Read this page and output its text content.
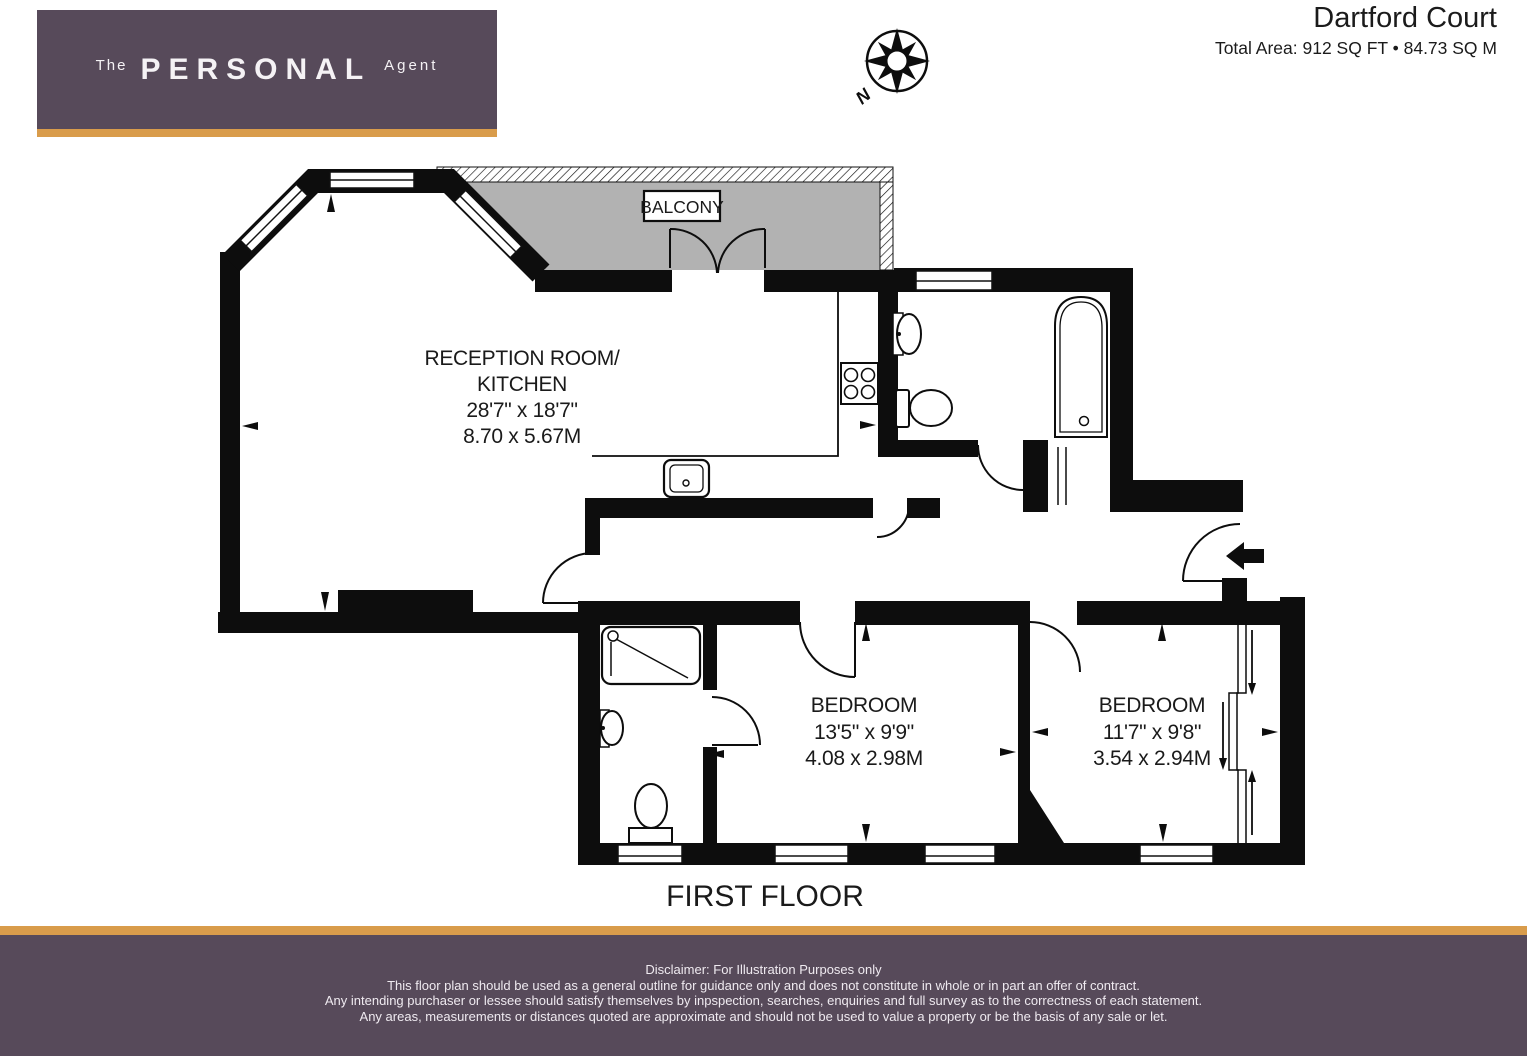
The PERSONAL Agent
Dartford Court
Total Area: 912 SQ FT • 84.73 SQ M
N
BALCONY
RECEPTION ROOM/
KITCHEN
28'7" x 18'7"
8.70 x 5.67M
BEDROOM
13'5" x 9'9"
4.08 x 2.98M
BEDROOM
11'7" x 9'8"
3.54 x 2.94M
FIRST FLOOR

Disclaimer: For Illustration Purposes only

This floor plan should be used as a general outline for guidance only and does not constitute in whole or in part an offer of contract.

Any intending purchaser or lessee should satisfy themselves by inpspection, searches, enquiries and full survey as to the correctness of each statement.

Any areas, measurements or distances quoted are approximate and should not be used to value a property or be the basis of any sale or let.
